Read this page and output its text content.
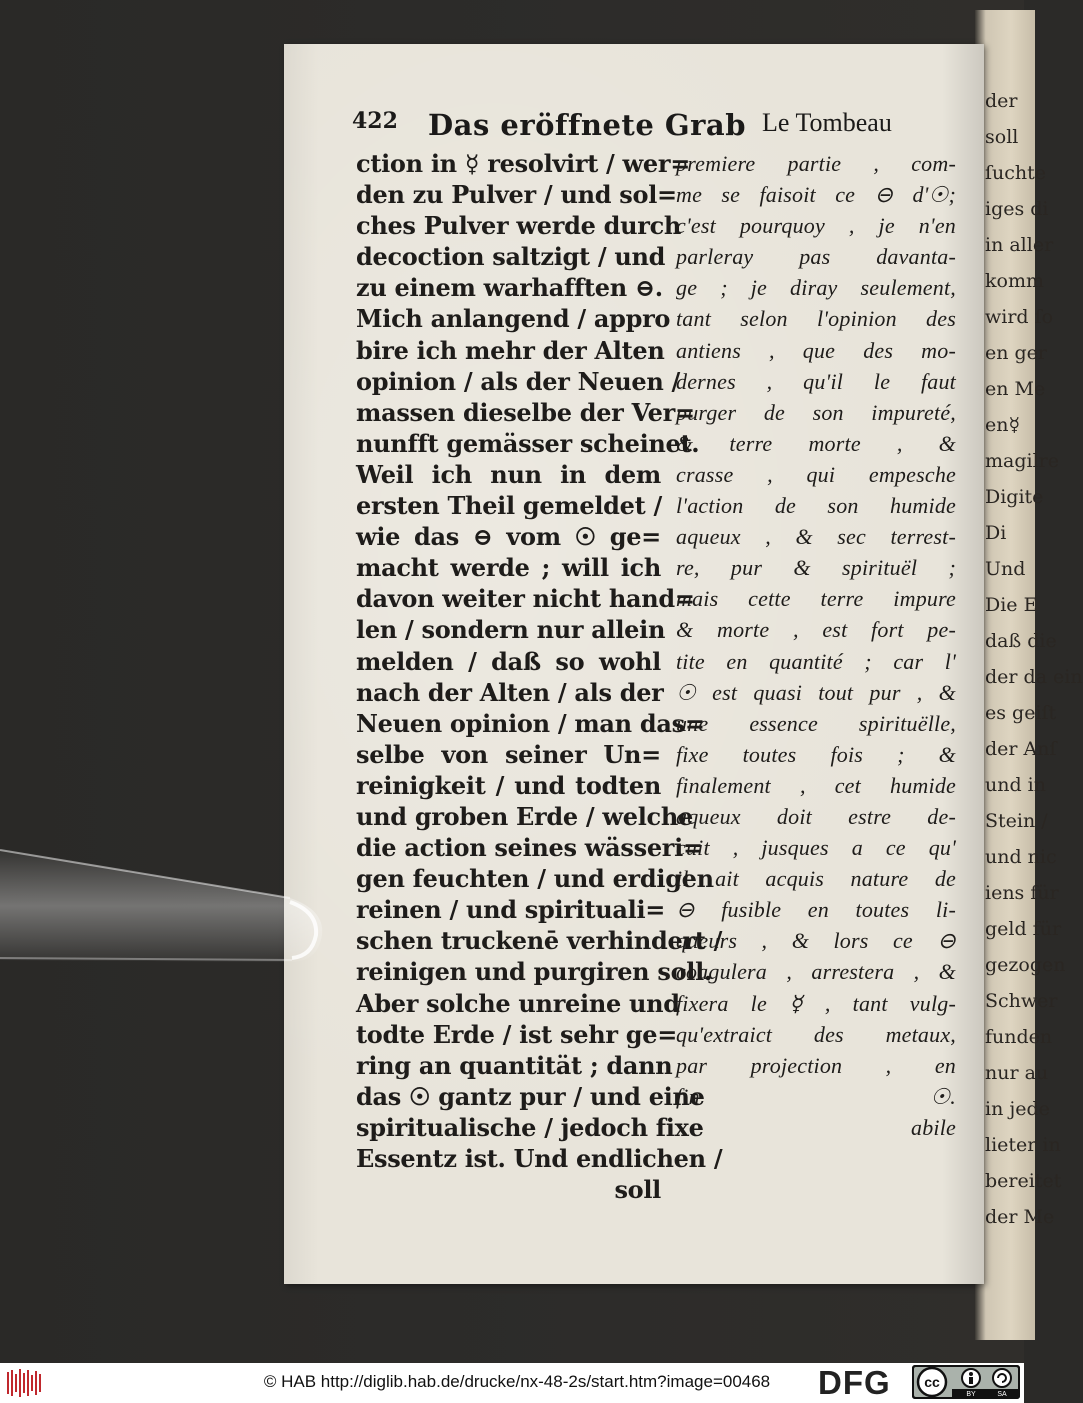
der
soll
ſuchte
iges di
in aller
komm
wird ſo
en ger
en Me
en☿
magilre
Digite
Di
Und
Die E
daß die
der da ein
es geiſt
der Anſ
und in
Stein /
und nic
iens für
geld für
gezogen
Schwer
funden
nur au
in jede
lieter in
bereitet
der Me
422 Das eröffnete Grab Le Tombeau
ction in ☿ resolvirt / wer=
den zu Pulver / und sol=
ches Pulver werde durch
decoction saltzigt / und
zu einem warhafften ⊖.
Mich anlangend / appro
bire ich mehr der Alten
opinion / als der Neuen /
massen dieselbe der Ver=
nunfft gemässer scheinet.
Weil ich nun in dem
ersten Theil gemeldet /
wie das ⊖ vom ☉ ge=
macht werde ; will ich
davon weiter nicht hand=
len / sondern nur allein
melden / daß so wohl
nach der Alten / als der
Neuen opinion / man das=
selbe von seiner Un=
reinigkeit / und todten
und groben Erde / welche
die action seines wässeri=
gen feuchten / und erdigen
reinen / und spirituali=
schen truckenē verhindert /
reinigen und purgiren soll.
Aber solche unreine und
todte Erde / ist sehr ge=
ring an quantität ; dann
das ☉ gantz pur / und eine
spiritualische / jedoch fixe
Essentz ist. Und endlichen /
soll
premiere partie , com-
me se faisoit ce ⊖ d'☉;
c'est pourquoy , je n'en
parleray pas davanta-
ge ; je diray seulement,
tant selon l'opinion des
antiens , que des mo-
dernes , qu'il le faut
purger de son impureté,
& terre morte , &
crasse , qui empesche
l'action de son humide
aqueux , & sec terrest-
re, pur & spirituël ;
mais cette terre impure
& morte , est fort pe-
tite en quantité ; car l'
☉ est quasi tout pur , &
une essence spirituëlle,
fixe toutes fois ; &
finalement , cet humide
aqueux doit estre de-
cuit , jusques a ce qu'
il ait acquis nature de
⊖ fusible en toutes li-
queurs , & lors ce ⊖
coagulera , arrestera , &
fixera le ☿ , tant vulg-
qu'extraict des metaux,
par projection , en
fin ☉.
abile
© HAB http://diglib.hab.de/drucke/nx-48-2s/start.htm?image=00468	DFG cc
BY	SA
